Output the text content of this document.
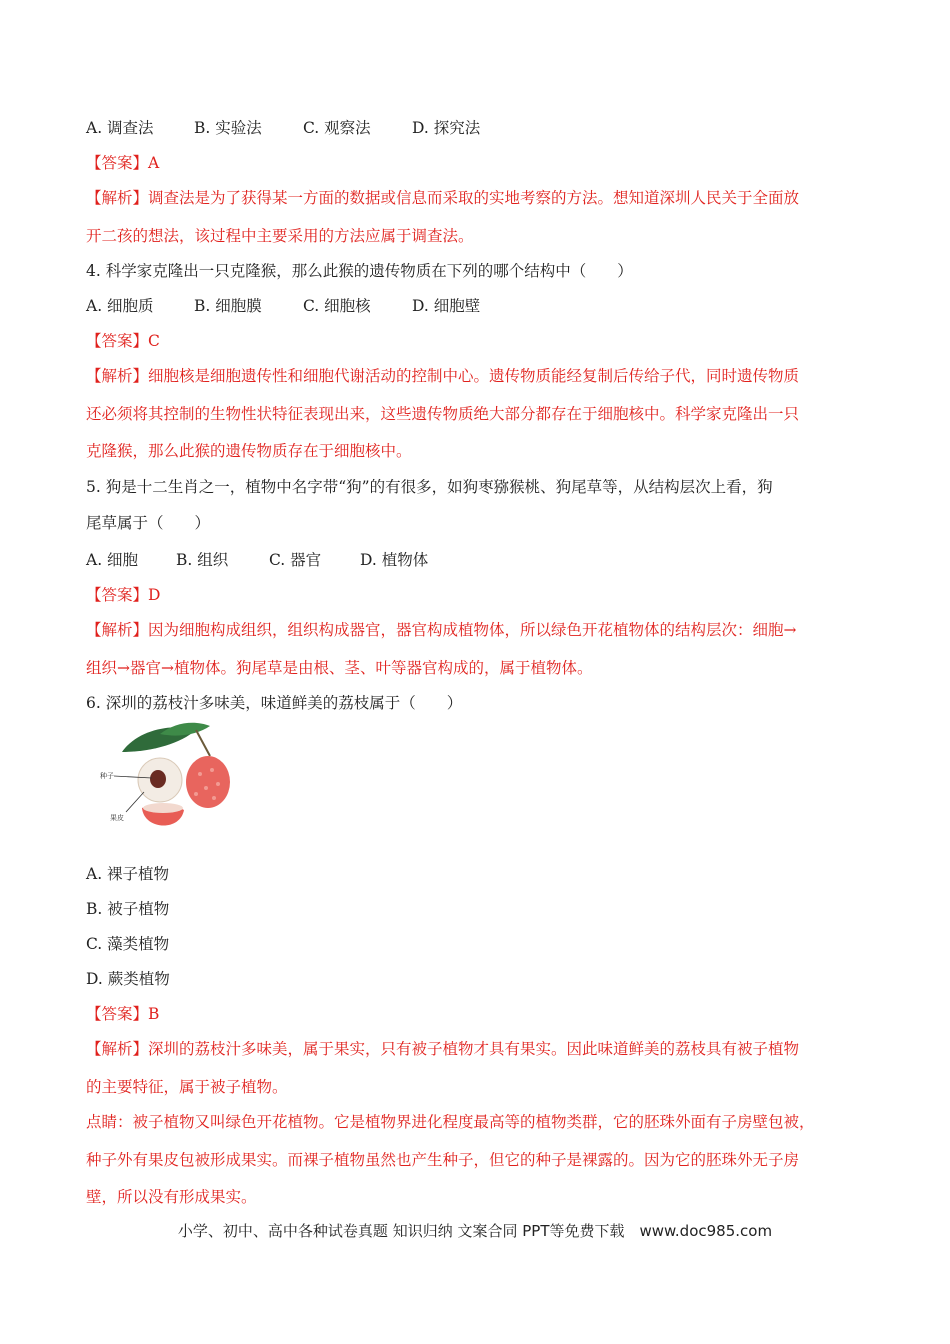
A. 调查法	B. 实验法	C. 观察法	D. 探究法
【答案】A
【解析】调查法是为了获得某一方面的数据或信息而采取的实地考察的方法。想知道深圳人民关于全面放
开二孩的想法，该过程中主要采用的方法应属于调查法。
4. 科学家克隆出一只克隆猴，那么此猴的遗传物质在下列的哪个结构中（　　）
A. 细胞质	B. 细胞膜	C. 细胞核	D. 细胞壁
【答案】C
【解析】细胞核是细胞遗传性和细胞代谢活动的控制中心。遗传物质能经复制后传给子代，同时遗传物质
还必须将其控制的生物性状特征表现出来，这些遗传物质绝大部分都存在于细胞核中。科学家克隆出一只
克隆猴，那么此猴的遗传物质存在于细胞核中。
5. 狗是十二生肖之一，植物中名字带“狗”的有很多，如狗枣猕猴桃、狗尾草等，从结构层次上看，狗
尾草属于（　　）
A. 细胞 B. 组织	C. 器官	D. 植物体
【答案】D
【解析】因为细胞构成组织，组织构成器官，器官构成植物体，所以绿色开花植物体的结构层次：细胞→
组织→器官→植物体。狗尾草是由根、茎、叶等器官构成的，属于植物体。
6. 深圳的荔枝汁多味美，味道鲜美的荔枝属于（　　）
种子
果皮
A. 裸子植物
B. 被子植物
C. 藻类植物
D. 蕨类植物
【答案】B
【解析】深圳的荔枝汁多味美，属于果实，只有被子植物才具有果实。因此味道鲜美的荔枝具有被子植物
的主要特征，属于被子植物。
点睛：被子植物又叫绿色开花植物。它是植物界进化程度最高等的植物类群，它的胚珠外面有子房壁包被，
种子外有果皮包被形成果实。而裸子植物虽然也产生种子，但它的种子是裸露的。因为它的胚珠外无子房
壁，所以没有形成果实。
小学、初中、高中各种试卷真题 知识归纳 文案合同 PPT等免费下载　www.doc985.com
